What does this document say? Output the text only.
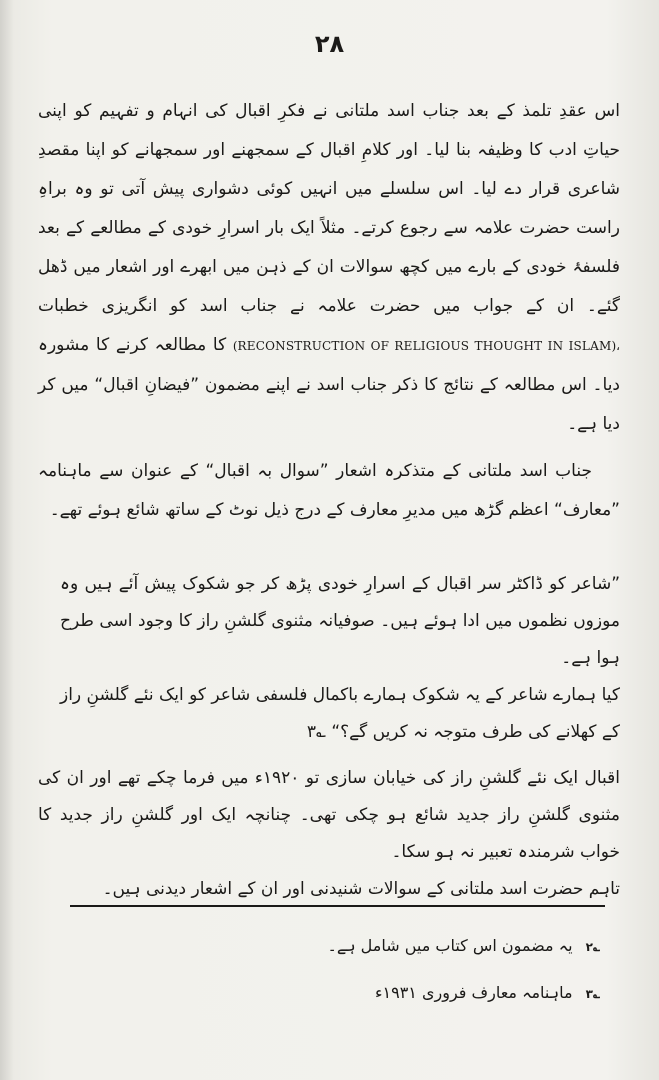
۲۸

اس عقدِ تلمذ کے بعد جناب اسد ملتانی نے فکرِ اقبال کی انہام و تفہیم کو اپنی حیاتِ ادب کا وظیفہ بنا لیا۔ اور کلامِ اقبال کے سمجھنے اور سمجھانے کو اپنا مقصدِ شاعری قرار دے لیا۔ اس سلسلے میں انہیں کوئی دشواری پیش آتی تو وہ براہِ راست حضرت علامہ سے رجوع کرتے۔ مثلاً ایک بار اسرارِ خودی کے مطالعے کے بعد فلسفۂ خودی کے بارے میں کچھ سوالات ان کے ذہن میں ابھرے اور اشعار میں ڈھل گئے۔ ان کے جواب میں حضرت علامہ نے جناب اسد کو انگریزی خطبات (RECONSTRUCTION OF RELIGIOUS THOUGHT IN ISLAM)، کا مطالعہ کرنے کا مشورہ دیا۔ اس مطالعہ کے نتائج کا ذکر جناب اسد نے اپنے مضمون ”فیضانِ اقبال“ میں کر دیا ہے۔

جناب اسد ملتانی کے متذکرہ اشعار ”سوال بہ اقبال“ کے عنوان سے ماہنامہ ”معارف“ اعظم گڑھ میں مدیرِ معارف کے درج ذیل نوٹ کے ساتھ شائع ہوئے تھے۔

”شاعر کو ڈاکٹر سر اقبال کے اسرارِ خودی پڑھ کر جو شکوک پیش آئے ہیں وہ موزوں نظموں میں ادا ہوئے ہیں۔ صوفیانہ مثنوی گلشنِ راز کا وجود اسی طرح ہوا ہے۔

کیا ہمارے شاعر کے یہ شکوک ہمارے باکمال فلسفی شاعر کو ایک نئے گلشنِ راز کے کھلانے کی طرف متوجہ نہ کریں گے؟“ ؎۳

اقبال ایک نئے گلشنِ راز کی خیابان سازی تو ۱۹۲۰ء میں فرما چکے تھے اور ان کی مثنوی گلشنِ راز جدید شائع ہو چکی تھی۔ چنانچہ ایک اور گلشنِ راز جدید کا خواب شرمندہ تعبیر نہ ہو سکا۔

تاہم حضرت اسد ملتانی کے سوالات شنیدنی اور ان کے اشعار دیدنی ہیں۔

؎۲ یہ مضمون اس کتاب میں شامل ہے۔

؎۳ ماہنامہ معارف فروری ۱۹۳۱ء
